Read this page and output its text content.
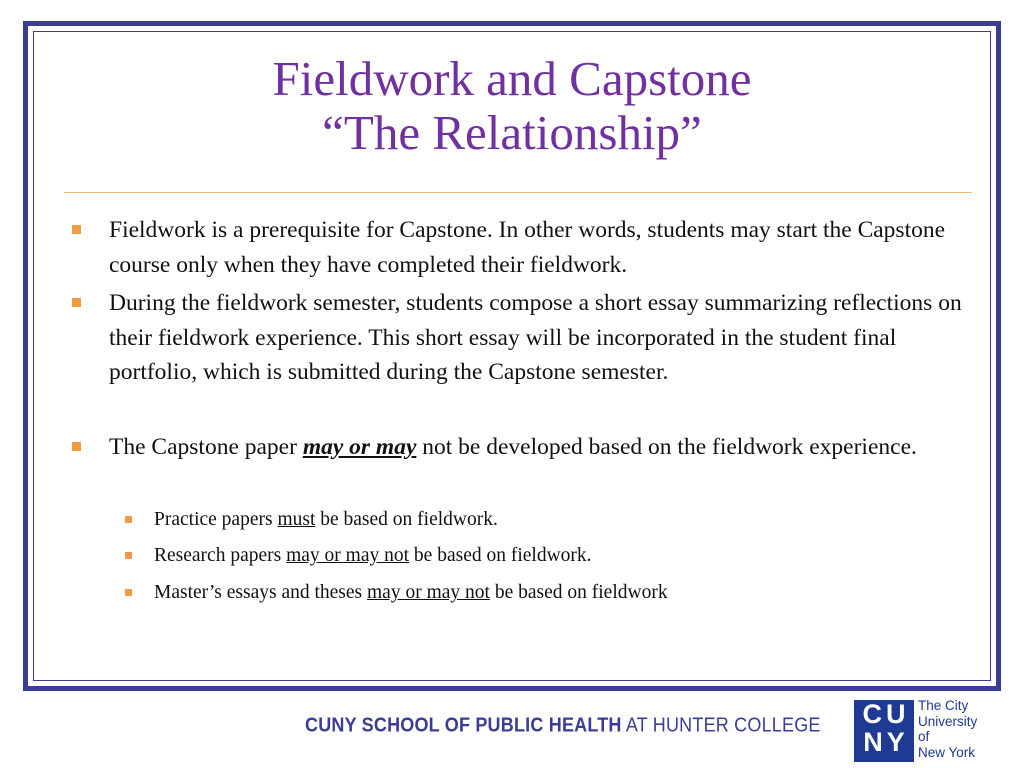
Fieldwork and Capstone
“The Relationship”
Fieldwork is a prerequisite for Capstone. In other words, students may start the Capstone course only when they have completed their fieldwork.
During the fieldwork semester, students compose a short essay summarizing reflections on their fieldwork experience. This short essay will be incorporated in the student final portfolio, which is submitted during the Capstone semester.
The Capstone paper may or may not be developed based on the fieldwork experience.
Practice papers must be based on fieldwork.
Research papers may or may not be based on fieldwork.
Master’s essays and theses may or may not be based on fieldwork
CUNY SCHOOL OF PUBLIC HEALTH AT HUNTER COLLEGE	CU
NY
The City
University
of
New York
